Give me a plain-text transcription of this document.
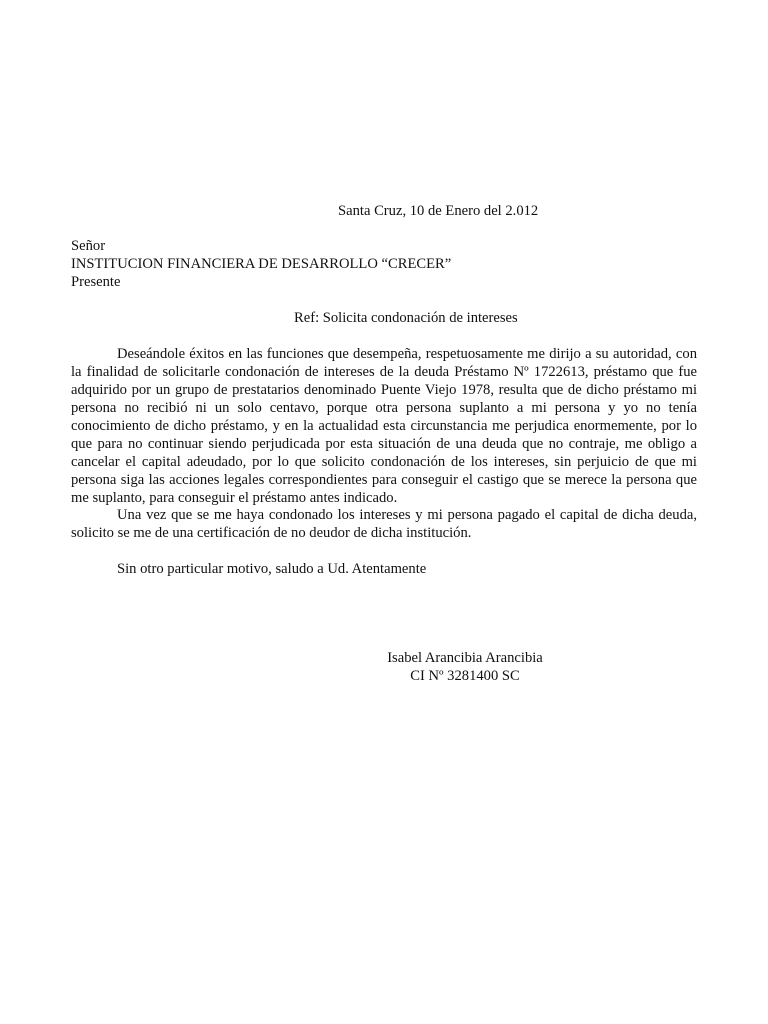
Santa Cruz, 10 de Enero del 2.012
Señor
INSTITUCION FINANCIERA DE DESARROLLO “CRECER”
Presente
Ref: Solicita condonación de intereses
Deseándole éxitos en las funciones que desempeña, respetuosamente me dirijo a su autoridad, con la finalidad de solicitarle condonación de intereses de la deuda Préstamo Nº 1722613, préstamo que fue adquirido por un grupo de prestatarios denominado Puente Viejo 1978, resulta que de dicho préstamo mi persona no recibió ni un solo centavo, porque otra persona suplanto a mi persona y yo no tenía conocimiento de dicho préstamo, y en la actualidad esta circunstancia me perjudica enormemente, por lo que para no continuar siendo perjudicada por esta situación de una deuda que no contraje, me obligo a cancelar el capital adeudado, por lo que solicito condonación de los intereses, sin perjuicio de que mi persona siga las acciones legales correspondientes para conseguir el castigo que se merece la persona que me suplanto, para conseguir el préstamo antes indicado.
Una vez que se me haya condonado los intereses y mi persona pagado el capital de dicha deuda, solicito se me de una certificación de no deudor de dicha institución.
Sin otro particular motivo, saludo a Ud. Atentamente
Isabel Arancibia Arancibia
CI Nº 3281400 SC
